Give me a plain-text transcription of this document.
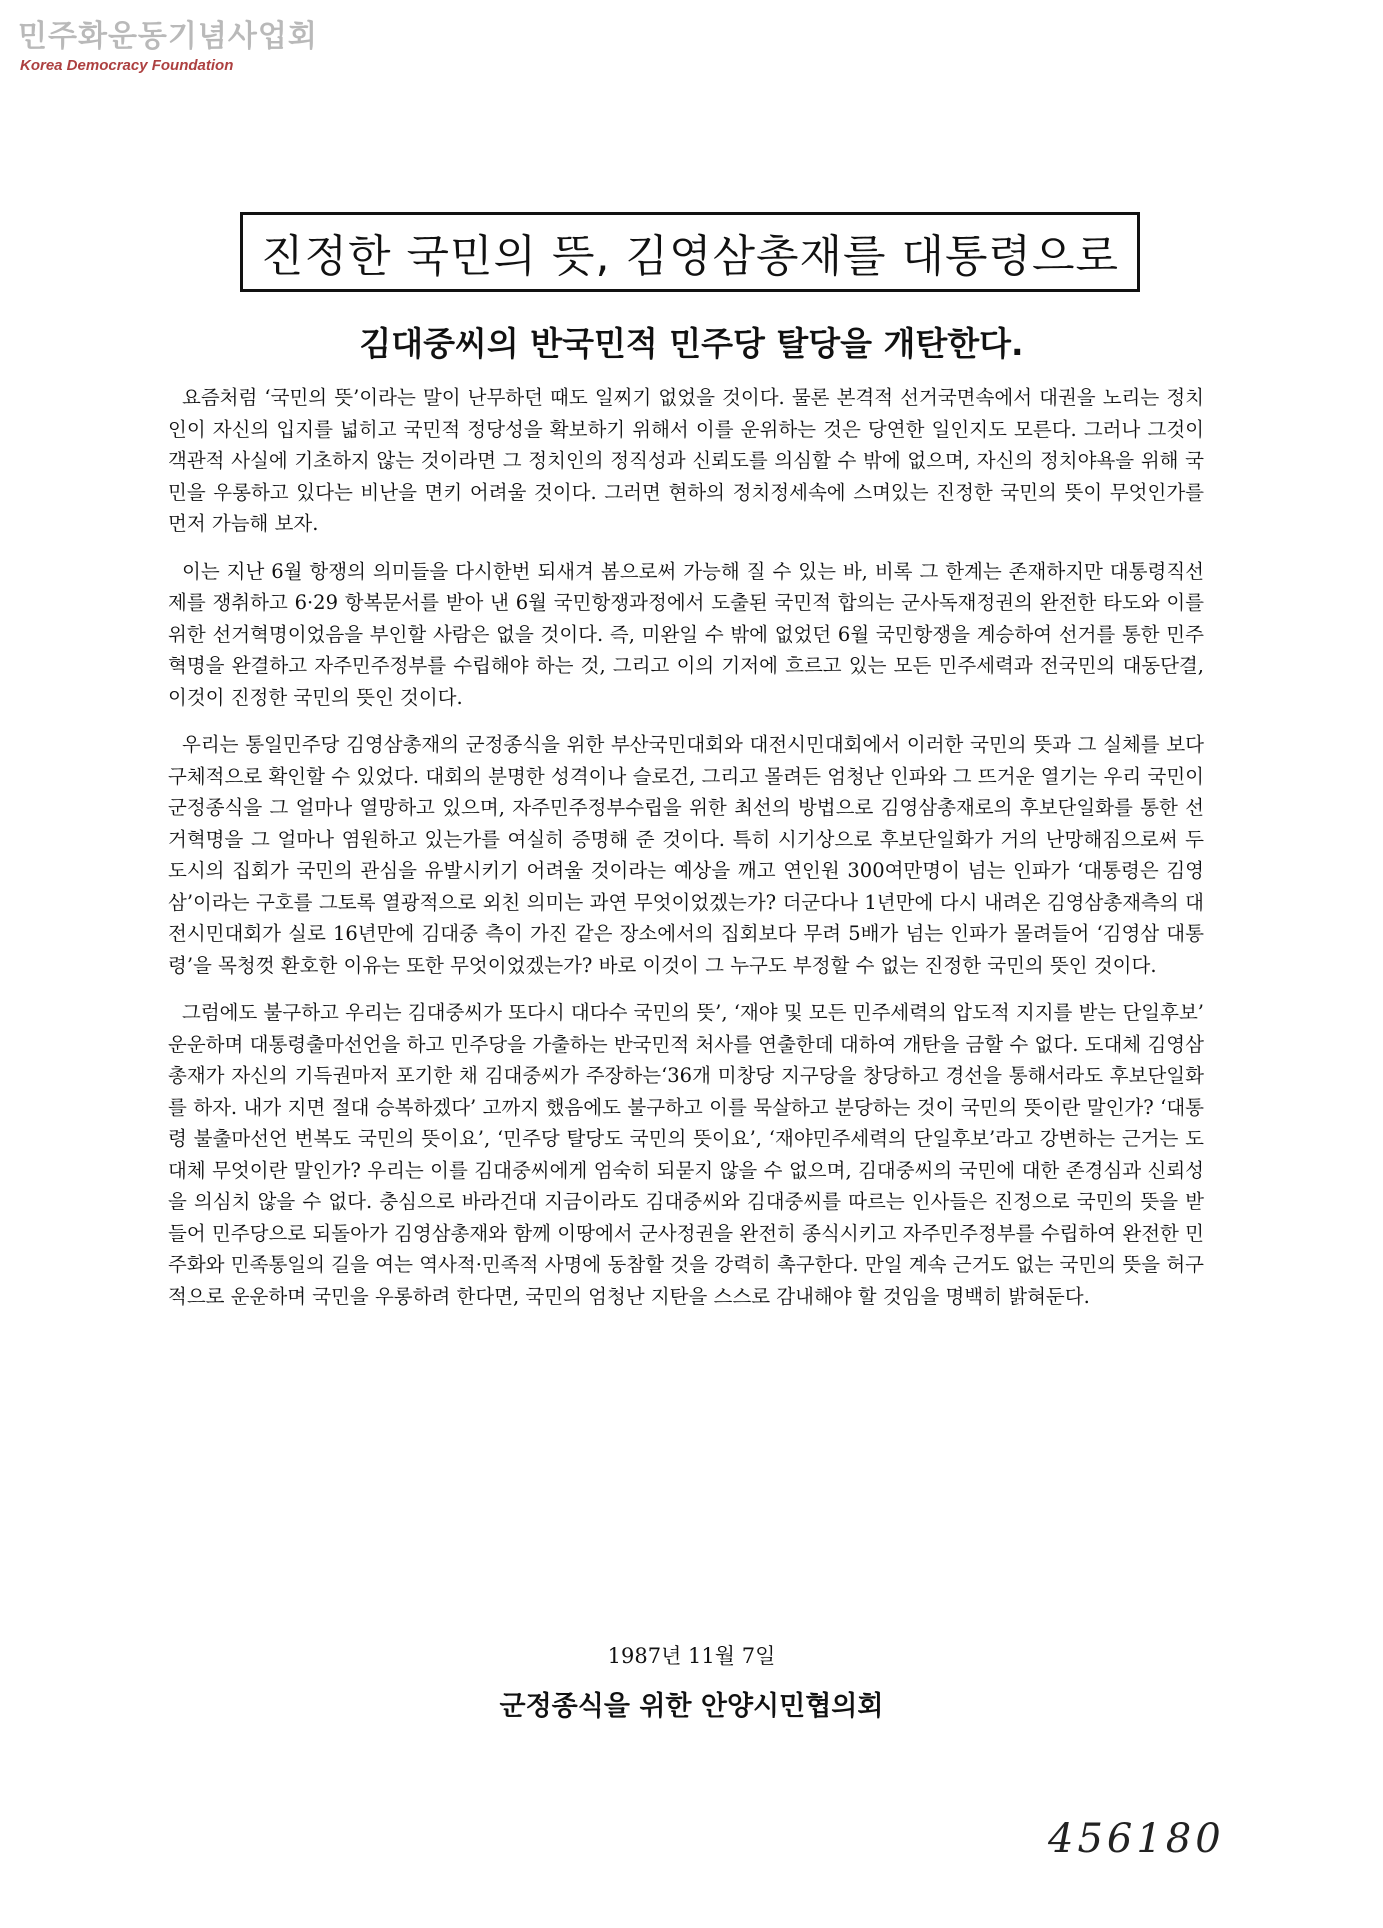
민주화운동기념사업회
Korea Democracy Foundation
진정한 국민의 뜻, 김영삼총재를 대통령으로
김대중씨의 반국민적 민주당 탈당을 개탄한다.

요즘처럼 ‘국민의 뜻’이라는 말이 난무하던 때도 일찌기 없었을 것이다. 물론 본격적 선거국면속에서 대권을 노리는 정치인이 자신의 입지를 넓히고 국민적 정당성을 확보하기 위해서 이를 운위하는 것은 당연한 일인지도 모른다. 그러나 그것이 객관적 사실에 기초하지 않는 것이라면 그 정치인의 정직성과 신뢰도를 의심할 수 밖에 없으며, 자신의 정치야욕을 위해 국민을 우롱하고 있다는 비난을 면키 어려울 것이다. 그러면 현하의 정치정세속에 스며있는 진정한 국민의 뜻이 무엇인가를 먼저 가늠해 보자.

이는 지난 6월 항쟁의 의미들을 다시한번 되새겨 봄으로써 가능해 질 수 있는 바, 비록 그 한계는 존재하지만 대통령직선제를 쟁취하고 6·29 항복문서를 받아 낸 6월 국민항쟁과정에서 도출된 국민적 합의는 군사독재정권의 완전한 타도와 이를 위한 선거혁명이었음을 부인할 사람은 없을 것이다. 즉, 미완일 수 밖에 없었던 6월 국민항쟁을 계승하여 선거를 통한 민주혁명을 완결하고 자주민주정부를 수립해야 하는 것, 그리고 이의 기저에 흐르고 있는 모든 민주세력과 전국민의 대동단결, 이것이 진정한 국민의 뜻인 것이다.

우리는 통일민주당 김영삼총재의 군정종식을 위한 부산국민대회와 대전시민대회에서 이러한 국민의 뜻과 그 실체를 보다 구체적으로 확인할 수 있었다. 대회의 분명한 성격이나 슬로건, 그리고 몰려든 엄청난 인파와 그 뜨거운 열기는 우리 국민이 군정종식을 그 얼마나 열망하고 있으며, 자주민주정부수립을 위한 최선의 방법으로 김영삼총재로의 후보단일화를 통한 선거혁명을 그 얼마나 염원하고 있는가를 여실히 증명해 준 것이다. 특히 시기상으로 후보단일화가 거의 난망해짐으로써 두 도시의 집회가 국민의 관심을 유발시키기 어려울 것이라는 예상을 깨고 연인원 300여만명이 넘는 인파가 ‘대통령은 김영삼’이라는 구호를 그토록 열광적으로 외친 의미는 과연 무엇이었겠는가? 더군다나 1년만에 다시 내려온 김영삼총재측의 대전시민대회가 실로 16년만에 김대중 측이 가진 같은 장소에서의 집회보다 무려 5배가 넘는 인파가 몰려들어 ‘김영삼 대통령’을 목청껏 환호한 이유는 또한 무엇이었겠는가? 바로 이것이 그 누구도 부정할 수 없는 진정한 국민의 뜻인 것이다.

그럼에도 불구하고 우리는 김대중씨가 또다시 대다수 국민의 뜻’, ‘재야 및 모든 민주세력의 압도적 지지를 받는 단일후보’ 운운하며 대통령출마선언을 하고 민주당을 가출하는 반국민적 처사를 연출한데 대하여 개탄을 금할 수 없다. 도대체 김영삼총재가 자신의 기득권마저 포기한 채 김대중씨가 주장하는‘36개 미창당 지구당을 창당하고 경선을 통해서라도 후보단일화를 하자. 내가 지면 절대 승복하겠다’ 고까지 했음에도 불구하고 이를 묵살하고 분당하는 것이 국민의 뜻이란 말인가? ‘대통령 불출마선언 번복도 국민의 뜻이요’, ‘민주당 탈당도 국민의 뜻이요’, ‘재야민주세력의 단일후보’라고 강변하는 근거는 도대체 무엇이란 말인가? 우리는 이를 김대중씨에게 엄숙히 되묻지 않을 수 없으며, 김대중씨의 국민에 대한 존경심과 신뢰성을 의심치 않을 수 없다. 충심으로 바라건대 지금이라도 김대중씨와 김대중씨를 따르는 인사들은 진정으로 국민의 뜻을 받들어 민주당으로 되돌아가 김영삼총재와 함께 이땅에서 군사정권을 완전히 종식시키고 자주민주정부를 수립하여 완전한 민주화와 민족통일의 길을 여는 역사적·민족적 사명에 동참할 것을 강력히 촉구한다. 만일 계속 근거도 없는 국민의 뜻을 허구적으로 운운하며 국민을 우롱하려 한다면, 국민의 엄청난 지탄을 스스로 감내해야 할 것임을 명백히 밝혀둔다.

1987년 11월 7일
군정종식을 위한 안양시민협의회
456180
